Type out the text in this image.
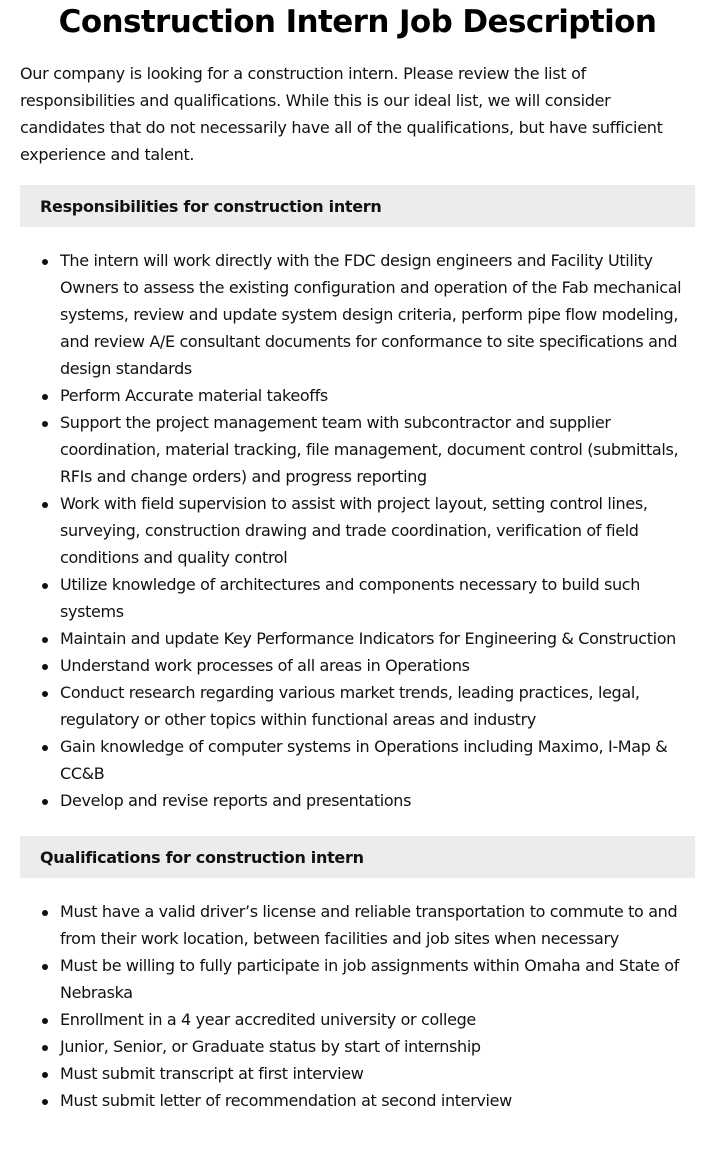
Construction Intern Job Description

Our company is looking for a construction intern. Please review the list of responsibilities and qualifications. While this is our ideal list, we will consider candidates that do not necessarily have all of the qualifications, but have sufficient experience and talent.

Responsibilities for construction intern
The intern will work directly with the FDC design engineers and Facility Utility Owners to assess the existing configuration and operation of the Fab mechanical systems, review and update system design criteria, perform pipe flow modeling, and review A/E consultant documents for conformance to site specifications and design standards
Perform Accurate material takeoffs
Support the project management team with subcontractor and supplier coordination, material tracking, file management, document control (submittals, RFIs and change orders) and progress reporting
Work with field supervision to assist with project layout, setting control lines, surveying, construction drawing and trade coordination, verification of field conditions and quality control
Utilize knowledge of architectures and components necessary to build such systems
Maintain and update Key Performance Indicators for Engineering & Construction
Understand work processes of all areas in Operations
Conduct research regarding various market trends, leading practices, legal, regulatory or other topics within functional areas and industry
Gain knowledge of computer systems in Operations including Maximo, I-Map & CC&B
Develop and revise reports and presentations
Qualifications for construction intern
Must have a valid driver’s license and reliable transportation to commute to and from their work location, between facilities and job sites when necessary
Must be willing to fully participate in job assignments within Omaha and State of Nebraska
Enrollment in a 4 year accredited university or college
Junior, Senior, or Graduate status by start of internship
Must submit transcript at first interview
Must submit letter of recommendation at second interview
